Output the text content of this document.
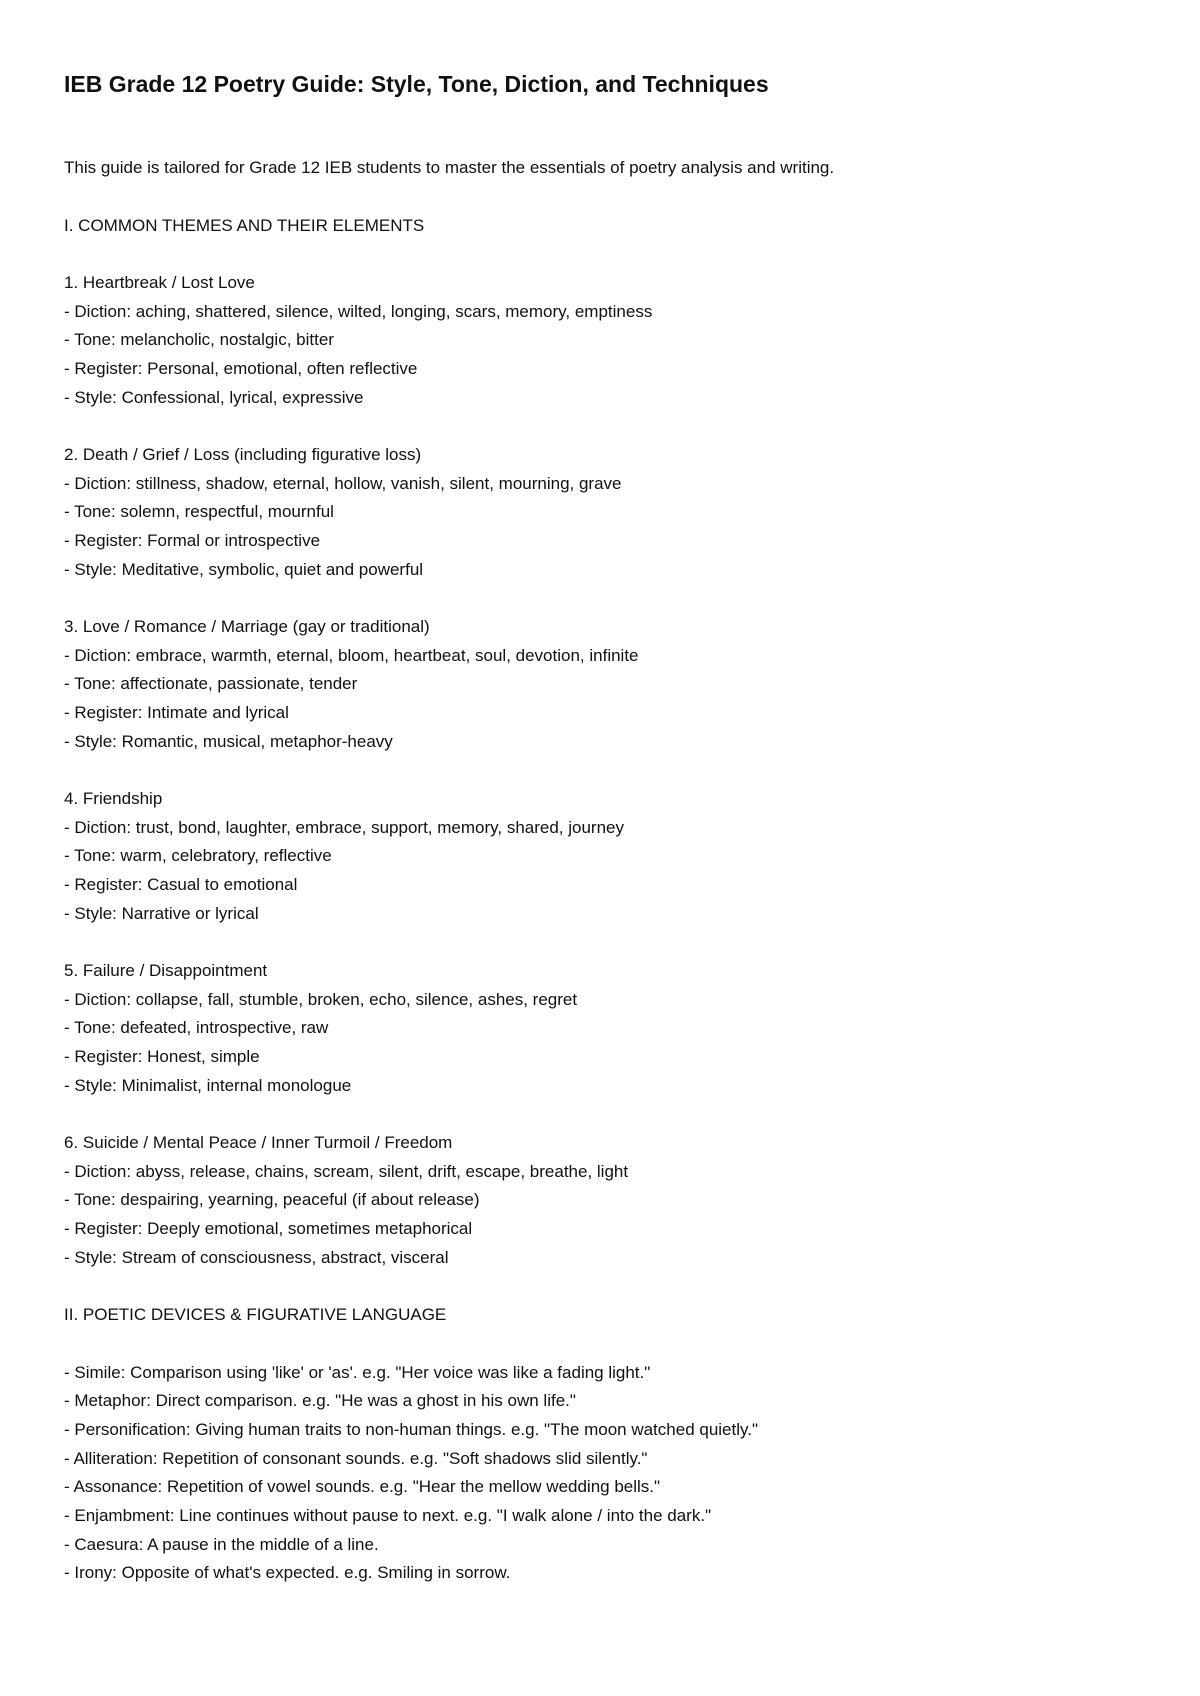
IEB Grade 12 Poetry Guide: Style, Tone, Diction, and Techniques

This guide is tailored for Grade 12 IEB students to master the essentials of poetry analysis and writing.

I. COMMON THEMES AND THEIR ELEMENTS

1. Heartbreak / Lost Love

- Diction: aching, shattered, silence, wilted, longing, scars, memory, emptiness

- Tone: melancholic, nostalgic, bitter

- Register: Personal, emotional, often reflective

- Style: Confessional, lyrical, expressive

2. Death / Grief / Loss (including figurative loss)

- Diction: stillness, shadow, eternal, hollow, vanish, silent, mourning, grave

- Tone: solemn, respectful, mournful

- Register: Formal or introspective

- Style: Meditative, symbolic, quiet and powerful

3. Love / Romance / Marriage (gay or traditional)

- Diction: embrace, warmth, eternal, bloom, heartbeat, soul, devotion, infinite

- Tone: affectionate, passionate, tender

- Register: Intimate and lyrical

- Style: Romantic, musical, metaphor-heavy

4. Friendship

- Diction: trust, bond, laughter, embrace, support, memory, shared, journey

- Tone: warm, celebratory, reflective

- Register: Casual to emotional

- Style: Narrative or lyrical

5. Failure / Disappointment

- Diction: collapse, fall, stumble, broken, echo, silence, ashes, regret

- Tone: defeated, introspective, raw

- Register: Honest, simple

- Style: Minimalist, internal monologue

6. Suicide / Mental Peace / Inner Turmoil / Freedom

- Diction: abyss, release, chains, scream, silent, drift, escape, breathe, light

- Tone: despairing, yearning, peaceful (if about release)

- Register: Deeply emotional, sometimes metaphorical

- Style: Stream of consciousness, abstract, visceral

II. POETIC DEVICES & FIGURATIVE LANGUAGE

- Simile: Comparison using 'like' or 'as'. e.g. "Her voice was like a fading light."

- Metaphor: Direct comparison. e.g. "He was a ghost in his own life."

- Personification: Giving human traits to non-human things. e.g. "The moon watched quietly."

- Alliteration: Repetition of consonant sounds. e.g. "Soft shadows slid silently."

- Assonance: Repetition of vowel sounds. e.g. "Hear the mellow wedding bells."

- Enjambment: Line continues without pause to next. e.g. "I walk alone / into the dark."

- Caesura: A pause in the middle of a line.

- Irony: Opposite of what's expected. e.g. Smiling in sorrow.
